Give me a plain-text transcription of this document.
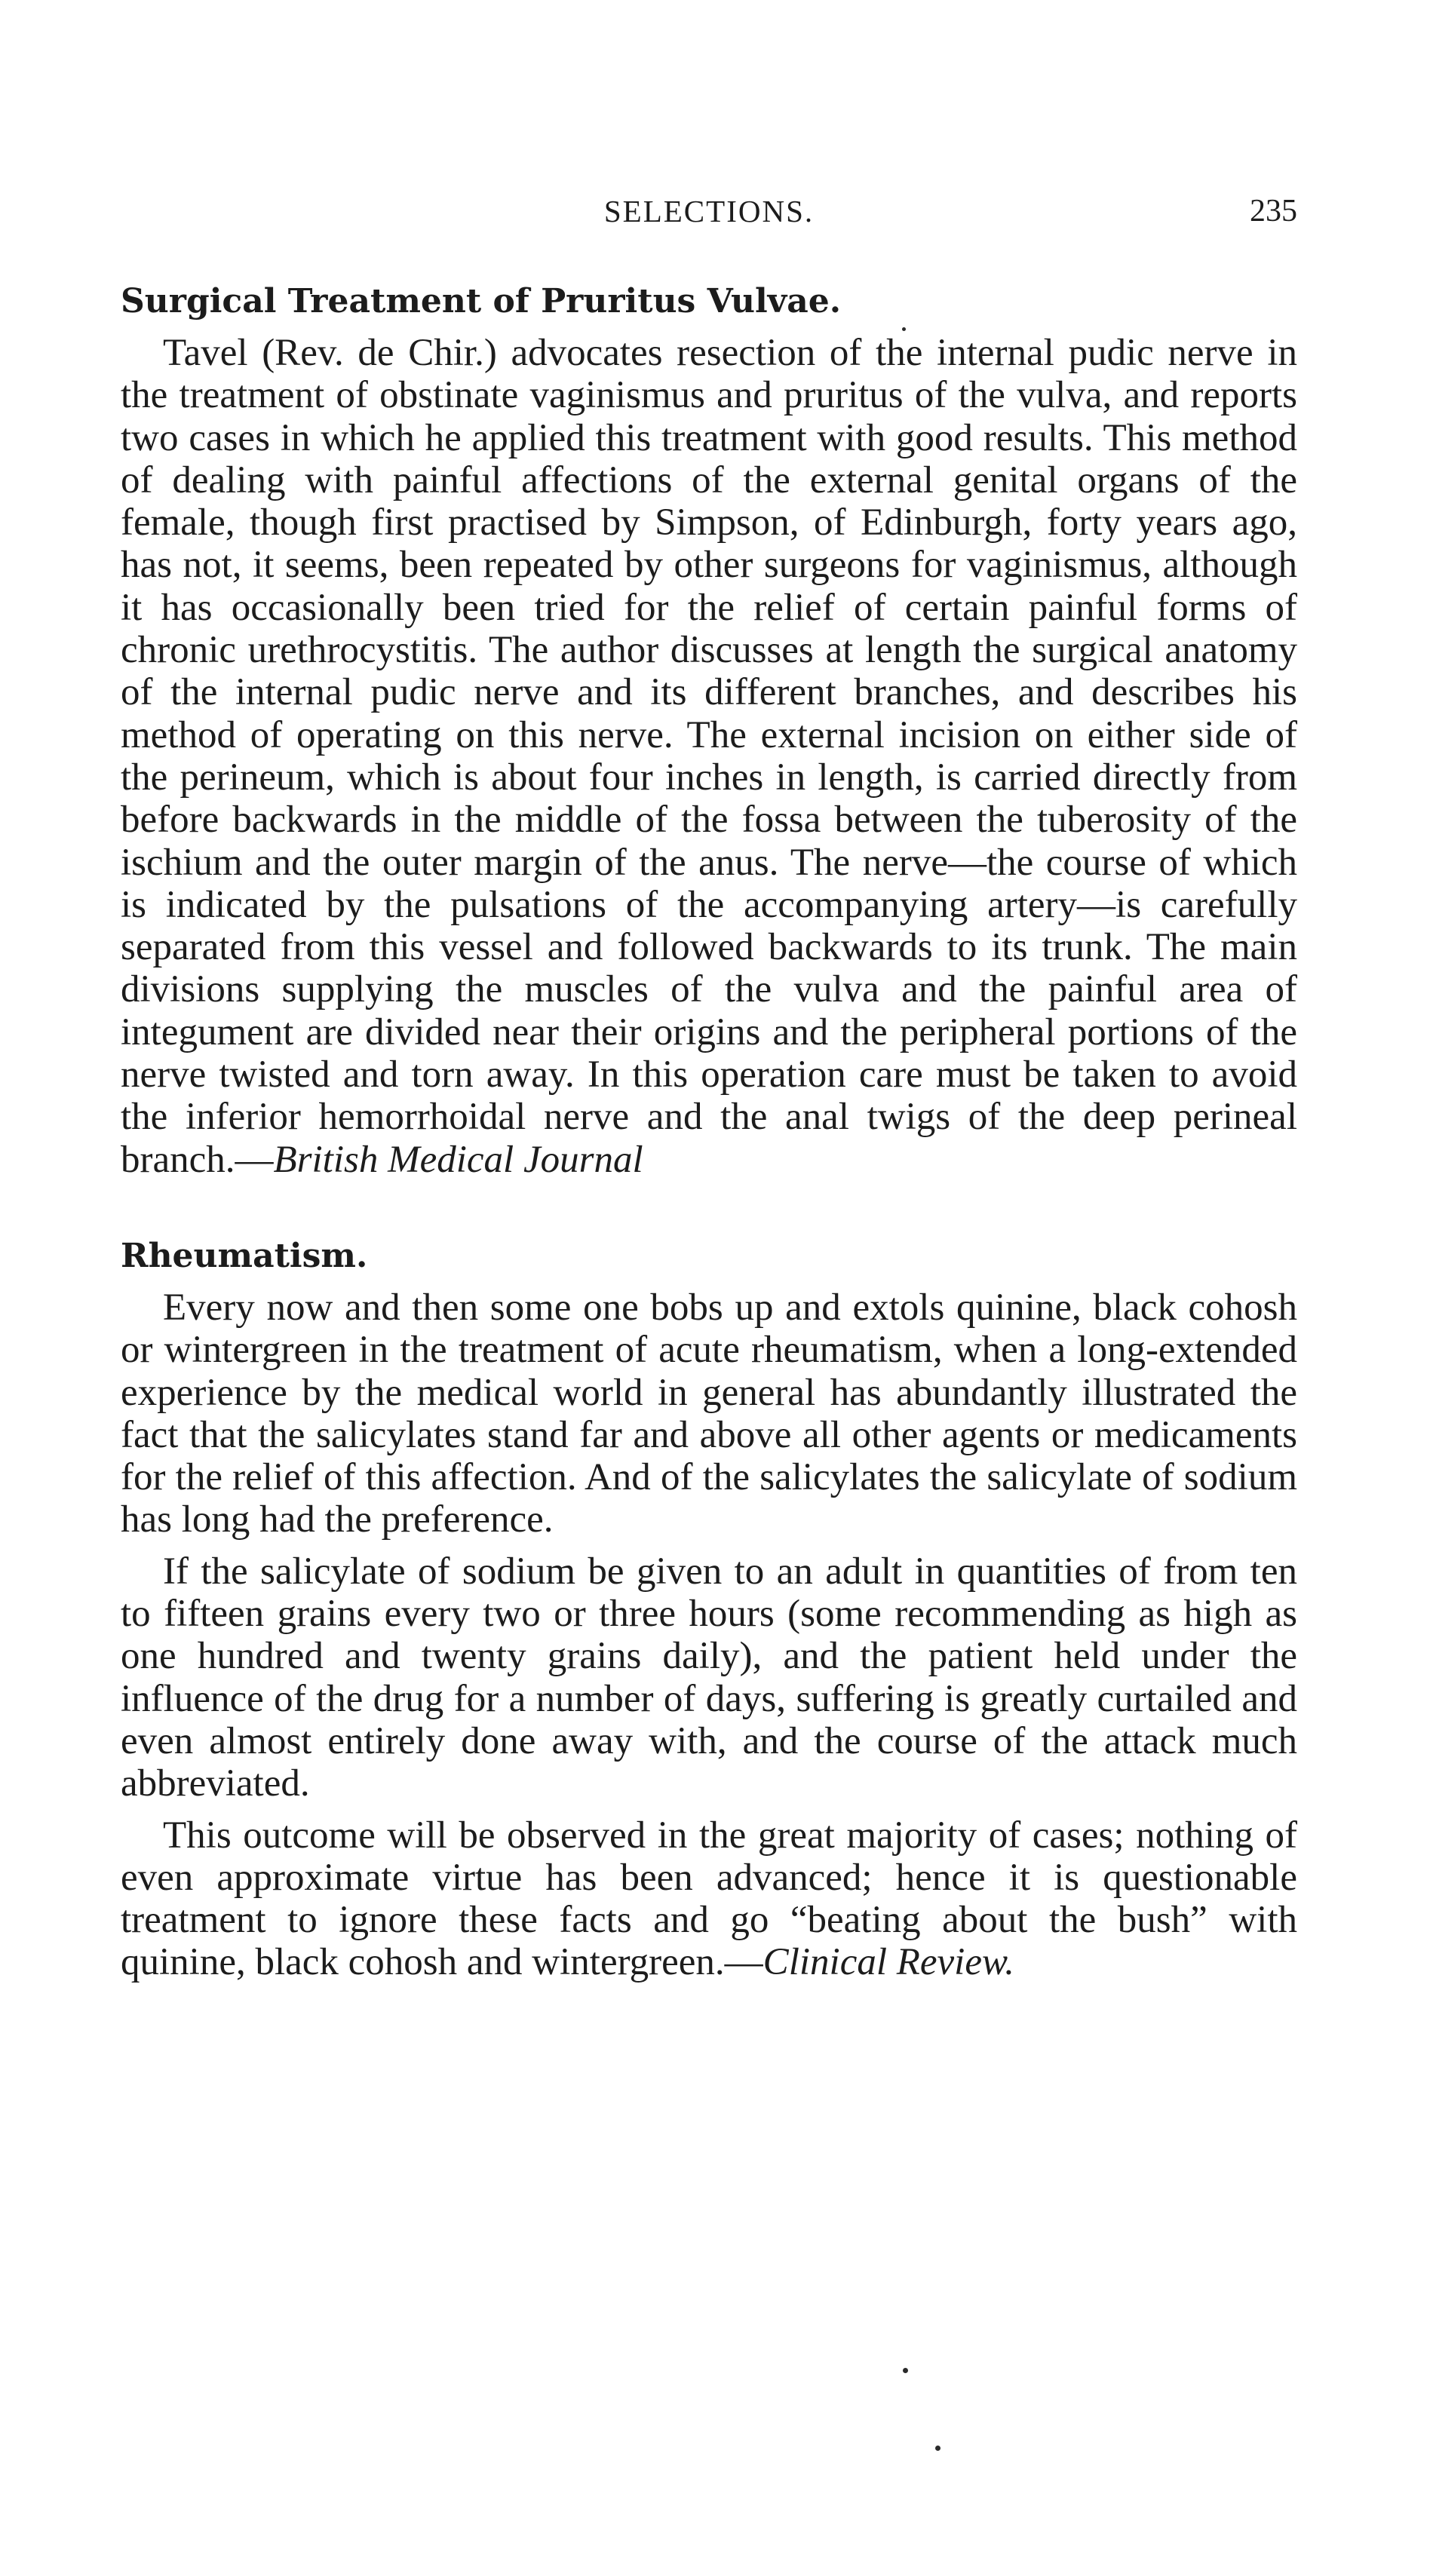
SELECTIONS.	235
Surgical Treatment of Pruritus Vulvae.

Tavel (Rev. de Chir.) advocates resection of the internal pudic nerve in the treatment of obstinate vaginismus and pruritus of the vulva, and reports two cases in which he applied this treatment with good results. This method of dealing with painful affections of the external genital organs of the female, though first practised by Simpson, of Edinburgh, forty years ago, has not, it seems, been repeated by other surgeons for vaginismus, although it has occasionally been tried for the relief of certain painful forms of chronic urethrocystitis. The author discusses at length the surgical anatomy of the internal pudic nerve and its different branches, and describes his method of operating on this nerve. The external incision on either side of the perineum, which is about four inches in length, is carried directly from before backwards in the middle of the fossa between the tuberosity of the ischium and the outer margin of the anus. The nerve—the course of which is indicated by the pulsations of the accompanying artery—is carefully separated from this vessel and followed backwards to its trunk. The main divisions supplying the muscles of the vulva and the painful area of integument are divided near their origins and the peripheral portions of the nerve twisted and torn away. In this operation care must be taken to avoid the inferior hemorrhoidal nerve and the anal twigs of the deep perineal branch.—British Medical Journal

Rheumatism.

Every now and then some one bobs up and extols quinine, black cohosh or wintergreen in the treatment of acute rheumatism, when a long-extended experience by the medical world in general has abundantly illustrated the fact that the salicylates stand far and above all other agents or medicaments for the relief of this affection. And of the salicylates the salicylate of sodium has long had the preference.

If the salicylate of sodium be given to an adult in quantities of from ten to fifteen grains every two or three hours (some recommending as high as one hundred and twenty grains daily), and the patient held under the influence of the drug for a number of days, suffering is greatly curtailed and even almost entirely done away with, and the course of the attack much abbreviated.

This outcome will be observed in the great majority of cases; nothing of even approximate virtue has been advanced; hence it is questionable treatment to ignore these facts and go “beating about the bush” with quinine, black cohosh and wintergreen.—Clinical Review.
